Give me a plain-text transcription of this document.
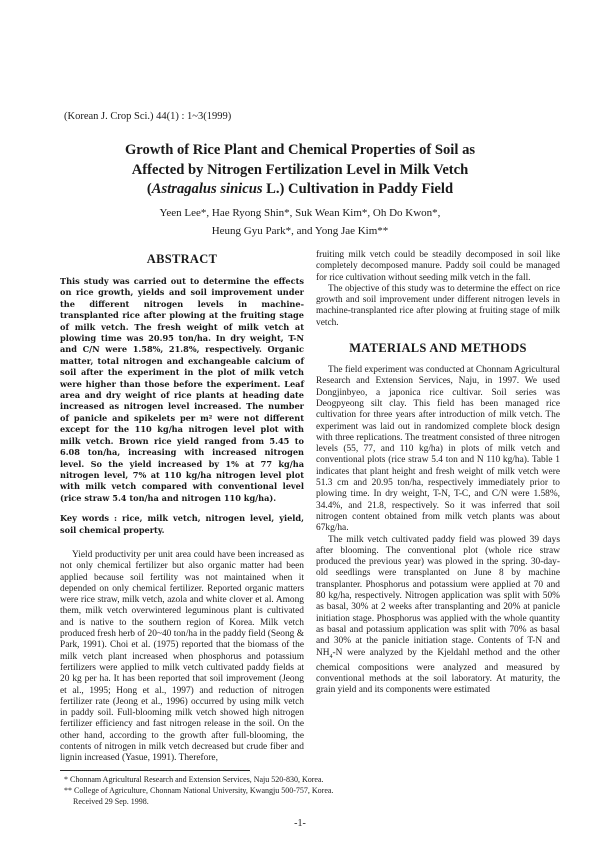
(Korean J. Crop Sci.) 44(1) : 1~3(1999)
Growth of Rice Plant and Chemical Properties of Soil as
Affected by Nitrogen Fertilization Level in Milk Vetch
(Astragalus sinicus L.) Cultivation in Paddy Field
Yeen Lee*, Hae Ryong Shin*, Suk Wean Kim*, Oh Do Kwon*,
Heung Gyu Park*, and Yong Jae Kim**
ABSTRACT

This study was carried out to determine the effects on rice growth, yields and soil improvement under the different nitrogen levels in machine-transplanted rice after plowing at the fruiting stage of milk vetch. The fresh weight of milk vetch at plowing time was 20.95 ton/ha. In dry weight, T-N and C/N were 1.58%, 21.8%, respectively. Organic matter, total nitrogen and exchangeable calcium of soil after the experiment in the plot of milk vetch were higher than those before the experiment. Leaf area and dry weight of rice plants at heading date increased as nitrogen level increased. The number of panicle and spikelets per m² were not different except for the 110 kg/ha nitrogen level plot with milk vetch. Brown rice yield ranged from 5.45 to 6.08 ton/ha, increasing with increased nitrogen level. So the yield increased by 1% at 77 kg/ha nitrogen level, 7% at 110 kg/ha nitrogen level plot with milk vetch compared with conventional level (rice straw 5.4 ton/ha and nitrogen 110 kg/ha).

Key words : rice, milk vetch, nitrogen level, yield, soil chemical property.

Yield productivity per unit area could have been increased as not only chemical fertilizer but also organic matter had been applied because soil fertility was not maintained when it depended on only chemical fertilizer. Reported organic matters were rice straw, milk vetch, azola and white clover et al. Among them, milk vetch overwintered leguminous plant is cultivated and is native to the southern region of Korea. Milk vetch produced fresh herb of 20~40 ton/ha in the paddy field (Seong & Park, 1991). Choi et al. (1975) reported that the biomass of the milk vetch plant increased when phosphorus and potassium fertilizers were applied to milk vetch cultivated paddy fields at 20 kg per ha. It has been reported that soil improvement (Jeong et al., 1995; Hong et al., 1997) and reduction of nitrogen fertilizer rate (Jeong et al., 1996) occurred by using milk vetch in paddy soil. Full-blooming milk vetch showed high nitrogen fertilizer efficiency and fast nitrogen release in the soil. On the other hand, according to the growth after full-blooming, the contents of nitrogen in milk vetch decreased but crude fiber and lignin increased (Yasue, 1991). Therefore,

fruiting milk vetch could be steadily decomposed in soil like completely decomposed manure. Paddy soil could be managed for rice cultivation without seeding milk vetch in the fall.

The objective of this study was to determine the effect on rice growth and soil improvement under different nitrogen levels in machine-transplanted rice after plowing at fruiting stage of milk vetch.

MATERIALS AND METHODS

The field experiment was conducted at Chonnam Agricultural Research and Extension Services, Naju, in 1997. We used Dongjinbyeo, a japonica rice cultivar. Soil series was Deogpyeong silt clay. This field has been managed rice cultivation for three years after introduction of milk vetch. The experiment was laid out in randomized complete block design with three replications. The treatment consisted of three nitrogen levels (55, 77, and 110 kg/ha) in plots of milk vetch and conventional plots (rice straw 5.4 ton and N 110 kg/ha). Table 1 indicates that plant height and fresh weight of milk vetch were 51.3 cm and 20.95 ton/ha, respectively immediately prior to plowing time. In dry weight, T-N, T-C, and C/N were 1.58%, 34.4%, and 21.8, respectively. So it was inferred that soil nitrogen content obtained from milk vetch plants was about 67kg/ha.

The milk vetch cultivated paddy field was plowed 39 days after blooming. The conventional plot (whole rice straw produced the previous year) was plowed in the spring. 30-day-old seedlings were transplanted on June 8 by machine transplanter. Phosphorus and potassium were applied at 70 and 80 kg/ha, respectively. Nitrogen application was split with 50% as basal, 30% at 2 weeks after transplanting and 20% at panicle initiation stage. Phosphorus was applied with the whole quantity as basal and potassium application was split with 70% as basal and 30% at the panicle initiation stage. Contents of T-N and $NH_4-N$ were analyzed by the Kjeldahl method and the other chemical compositions were analyzed and measured by conventional methods at the soil laboratory. At maturity, the grain yield and its components were estimated

* Chonnam Agricultural Research and Extension Services, Naju 520-830, Korea.
** College of Agriculture, Chonnam National University, Kwangju 500-757, Korea.
Received 29 Sep. 1998.
-1-
